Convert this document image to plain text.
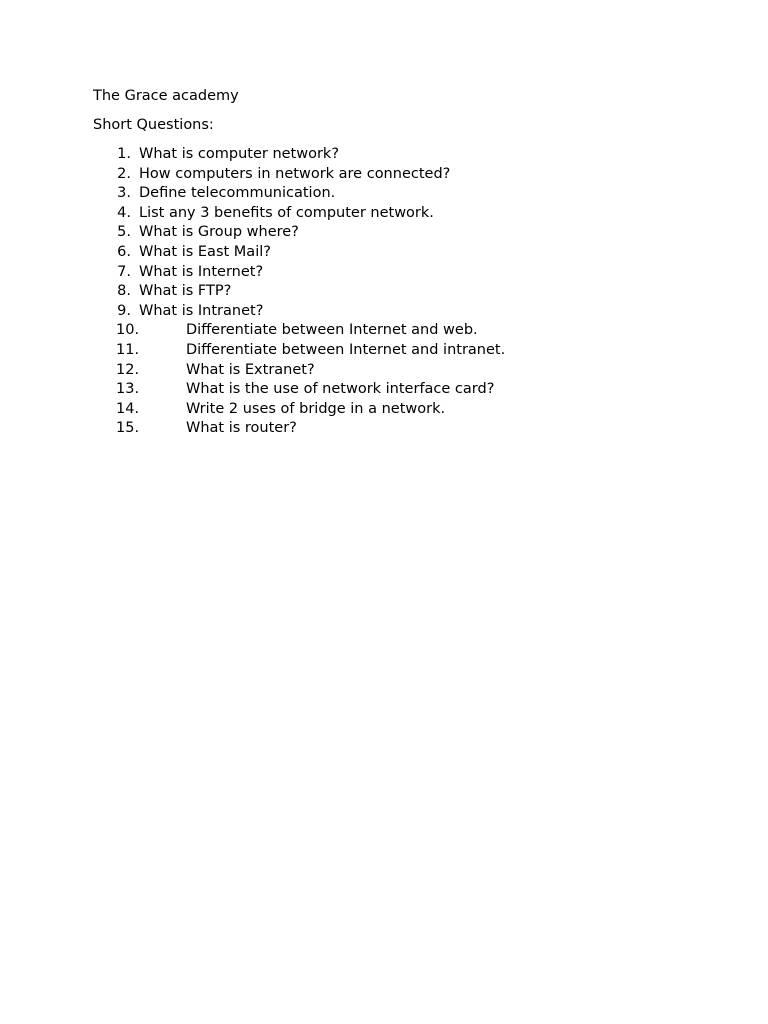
The Grace academy
Short Questions:
1. What is computer network?
2. How computers in network are connected?
3. Define telecommunication.
4. List any 3 benefits of computer network.
5. What is Group where?
6. What is East Mail?
7. What is Internet?
8. What is FTP?
9. What is Intranet?
10.	Differentiate between Internet and web.
11.	Differentiate between Internet and intranet.
12.	What is Extranet?
13.	What is the use of network interface card?
14.	Write 2 uses of bridge in a network.
15.	What is router?
